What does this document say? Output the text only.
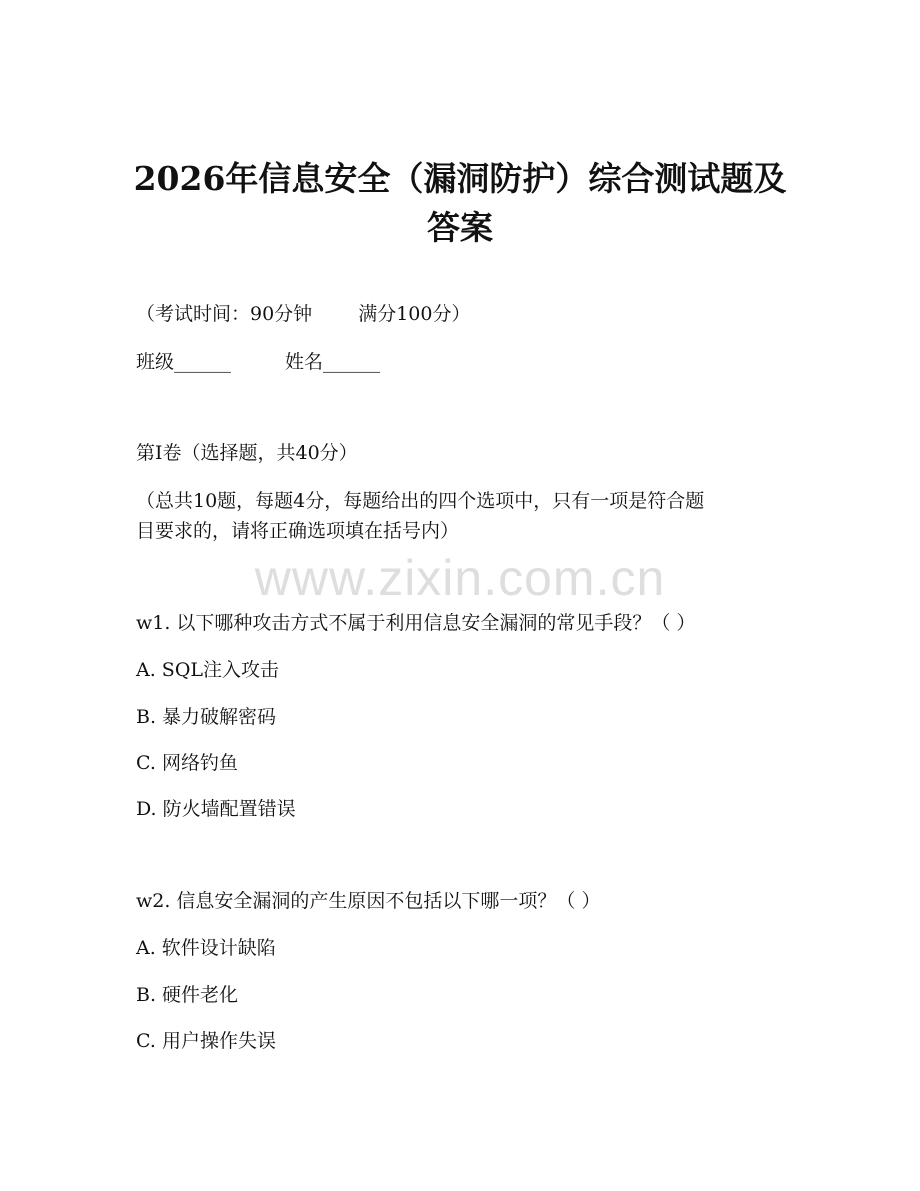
www.zixin.com.cn
2026年信息安全（漏洞防护）综合测试题及
答案

（考试时间：90分钟 满分100分）

班级______	姓名______

第I卷（选择题，共40分）

（总共10题，每题4分，每题给出的四个选项中，只有一项是符合题

目要求的，请将正确选项填在括号内）

w1. 以下哪种攻击方式不属于利用信息安全漏洞的常见手段？（ ）

A. SQL注入攻击

B. 暴力破解密码

C. 网络钓鱼

D. 防火墙配置错误

w2. 信息安全漏洞的产生原因不包括以下哪一项？（ ）

A. 软件设计缺陷

B. 硬件老化

C. 用户操作失误
